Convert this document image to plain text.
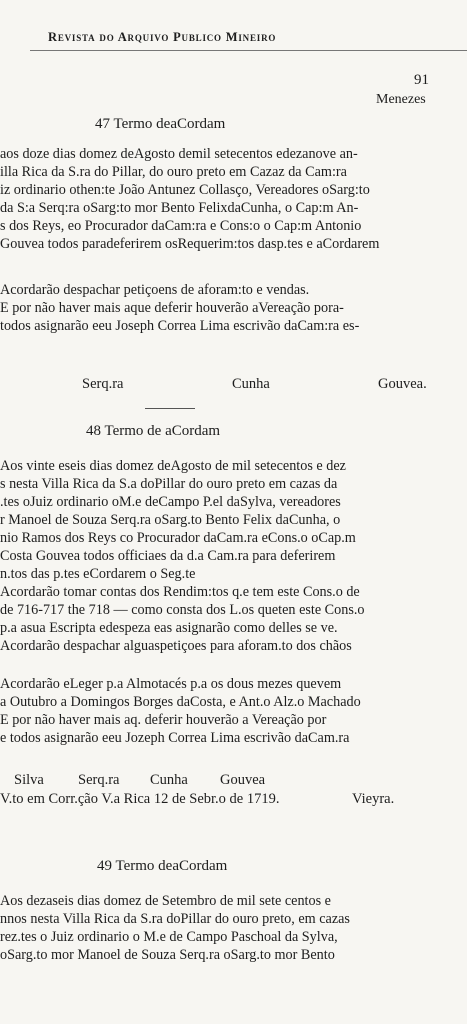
Revista do Arquivo Publico Mineiro
91
Menezes
47 Termo deaCordam
aos doze dias domez deAgosto demil setecentos edezanove an-
illa Rica da S.ra do Pillar, do ouro preto em Cazaz da Cam:ra
iz ordinario othen:te João Antunez Collasço, Vereadores oSarg:to
da S:a Serq:ra oSarg:to mor Bento FelixdaCunha, o Cap:m An-
s dos Reys, eo Procurador daCam:ra e Cons:o o Cap:m Antonio
Gouvea todos paradeferirem osRequerim:tos dasp.tes e aCordarem
Acordarão despachar petiçoens de aforam:to e vendas.
E por não haver mais aque deferir houverão aVereação pora-
todos asignarão eeu Joseph Correa Lima escrivão daCam:ra es-
Serq.ra	Cunha	Gouvea.
48 Termo de aCordam
Aos vinte eseis dias domez deAgosto de mil setecentos e dez
s nesta Villa Rica da S.a doPillar do ouro preto em cazas da
.tes oJuiz ordinario oM.e deCampo P.el daSylva, vereadores
r Manoel de Souza Serq.ra oSarg.to Bento Felix daCunha, o
nio Ramos dos Reys co Procurador daCam.ra eCons.o oCap.m
Costa Gouvea todos officiaes da d.a Cam.ra para deferirem
n.tos das p.tes eCordarem o Seg.te
Acordarão tomar contas dos Rendim:tos q.e tem este Cons.o de
de 716-717 the 718 — como consta dos L.os queten este Cons.o
p.a asua Escripta edespeza eas asignarão como delles se ve.
Acordarão despachar alguaspetiçoes para aforam.to dos chãos
Acordarão eLeger p.a Almotacés p.a os dous mezes quevem
a Outubro a Domingos Borges daCosta, e Ant.o Alz.o Machado
E por não haver mais aq. deferir houverão a Vereação por
e todos asignarão eeu Jozeph Correa Lima escrivão daCam.ra
Silva Serq.ra Cunha Gouvea
V.to em Corr.ção V.a Rica 12 de Sebr.o de 1719.	Vieyra.
49 Termo deaCordam
Aos dezaseis dias domez de Setembro de mil sete centos e
nnos nesta Villa Rica da S.ra doPillar do ouro preto, em cazas
rez.tes o Juiz ordinario o M.e de Campo Paschoal da Sylva,
oSarg.to mor Manoel de Souza Serq.ra oSarg.to mor Bento
